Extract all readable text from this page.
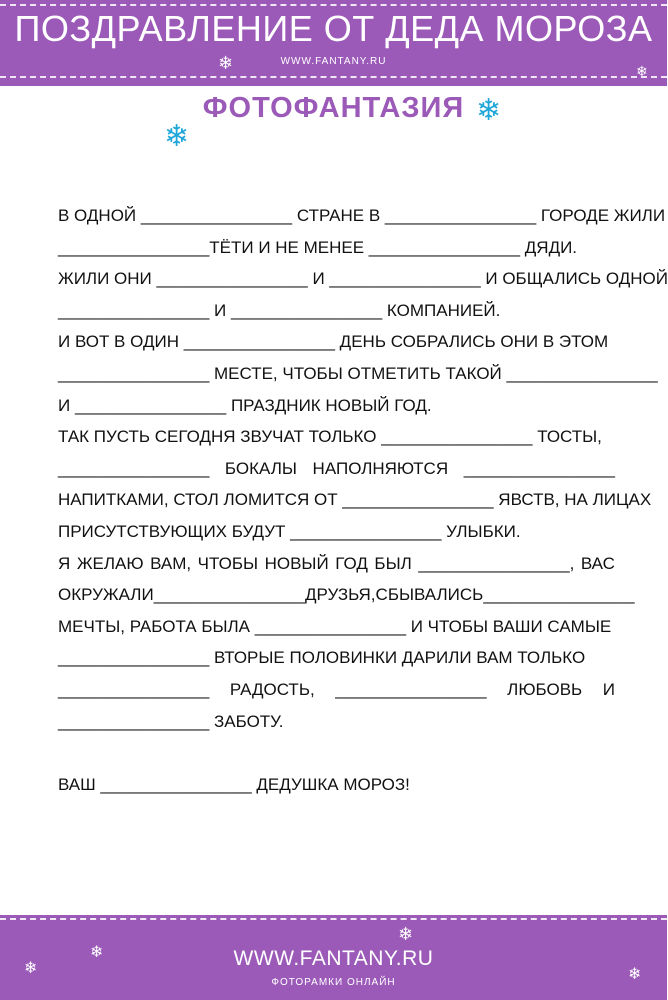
ПОЗДРАВЛЕНИЕ ОТ ДЕДА МОРОЗА
WWW.FANTANY.RU
❄	❄
ФОТОФАНТАЗИЯ ❄
❄
В ОДНОЙ ________________ СТРАНЕ В ________________ ГОРОДЕ ЖИЛИ
________________ТЁТИ И НЕ МЕНЕЕ ________________ ДЯДИ.
ЖИЛИ ОНИ ________________ И ________________ И ОБЩАЛИСЬ ОДНОЙ
________________ И ________________ КОМПАНИЕЙ.
И ВОТ В ОДИН ________________ ДЕНЬ СОБРАЛИСЬ ОНИ В ЭТОМ
________________ МЕСТЕ, ЧТОБЫ ОТМЕТИТЬ ТАКОЙ ________________
И ________________ ПРАЗДНИК НОВЫЙ ГОД.
ТАК ПУСТЬ СЕГОДНЯ ЗВУЧАТ ТОЛЬКО ________________ ТОСТЫ,
________________ БОКАЛЫ НАПОЛНЯЮТСЯ ________________
НАПИТКАМИ, СТОЛ ЛОМИТСЯ ОТ ________________ ЯВСТВ, НА ЛИЦАХ
ПРИСУТСТВУЮЩИХ БУДУТ ________________ УЛЫБКИ.
Я ЖЕЛАЮ ВАМ, ЧТОБЫ НОВЫЙ ГОД БЫЛ ________________, ВАС
ОКРУЖАЛИ ________________ ДРУЗЬЯ, СБЫВАЛИСЬ ________________
МЕЧТЫ, РАБОТА БЫЛА ________________ И ЧТОБЫ ВАШИ САМЫЕ
________________ ВТОРЫЕ ПОЛОВИНКИ ДАРИЛИ ВАМ ТОЛЬКО
________________ РАДОСТЬ, ________________ ЛЮБОВЬ И
________________ ЗАБОТУ.
ВАШ ________________ ДЕДУШКА МОРОЗ!
❄
❄
❄	❄
WWW.FANTANY.RU
ФОТОРАМКИ ОНЛАЙН
